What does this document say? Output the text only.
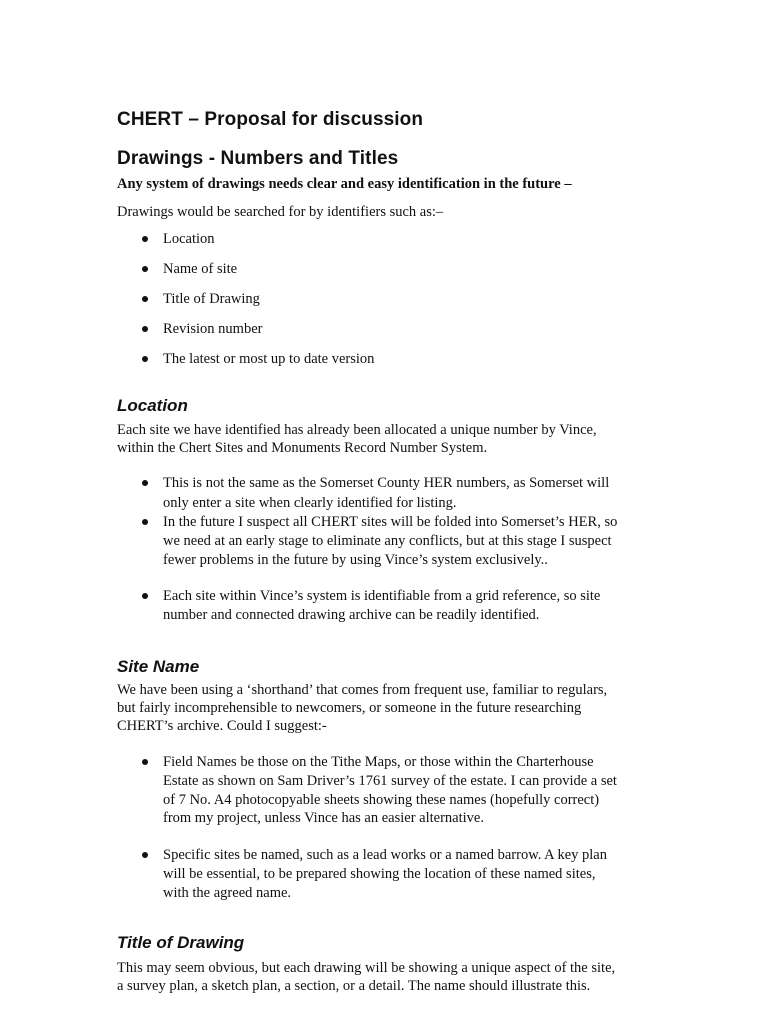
CHERT – Proposal for discussion
Drawings - Numbers and Titles
Any system of drawings needs clear and easy identification in the future –
Drawings would be searched for by identifiers such as:–
Location
Name of site
Title of Drawing
Revision number
The latest or most up to date version
Location
Each site we have identified has already been allocated a unique number by Vince,
within the Chert Sites and Monuments Record Number System.
This is not the same as the Somerset County HER numbers, as Somerset will
only enter a site when clearly identified for listing.
In the future I suspect all CHERT sites will be folded into Somerset’s HER, so
we need at an early stage to eliminate any conflicts, but at this stage I suspect
fewer problems in the future by using Vince’s system exclusively..
Each site within Vince’s system is identifiable from a grid reference, so site
number and connected drawing archive can be readily identified.
Site Name
We have been using a ‘shorthand’ that comes from frequent use, familiar to regulars,
but fairly incomprehensible to newcomers, or someone in the future researching
CHERT’s archive. Could I suggest:-
Field Names be those on the Tithe Maps, or those within the Charterhouse
Estate as shown on Sam Driver’s 1761 survey of the estate. I can provide a set
of 7 No. A4 photocopyable sheets showing these names (hopefully correct)
from my project, unless Vince has an easier alternative.
Specific sites be named, such as a lead works or a named barrow. A key plan
will be essential, to be prepared showing the location of these named sites,
with the agreed name.
Title of Drawing
This may seem obvious, but each drawing will be showing a unique aspect of the site,
a survey plan, a sketch plan, a section, or a detail. The name should illustrate this.
